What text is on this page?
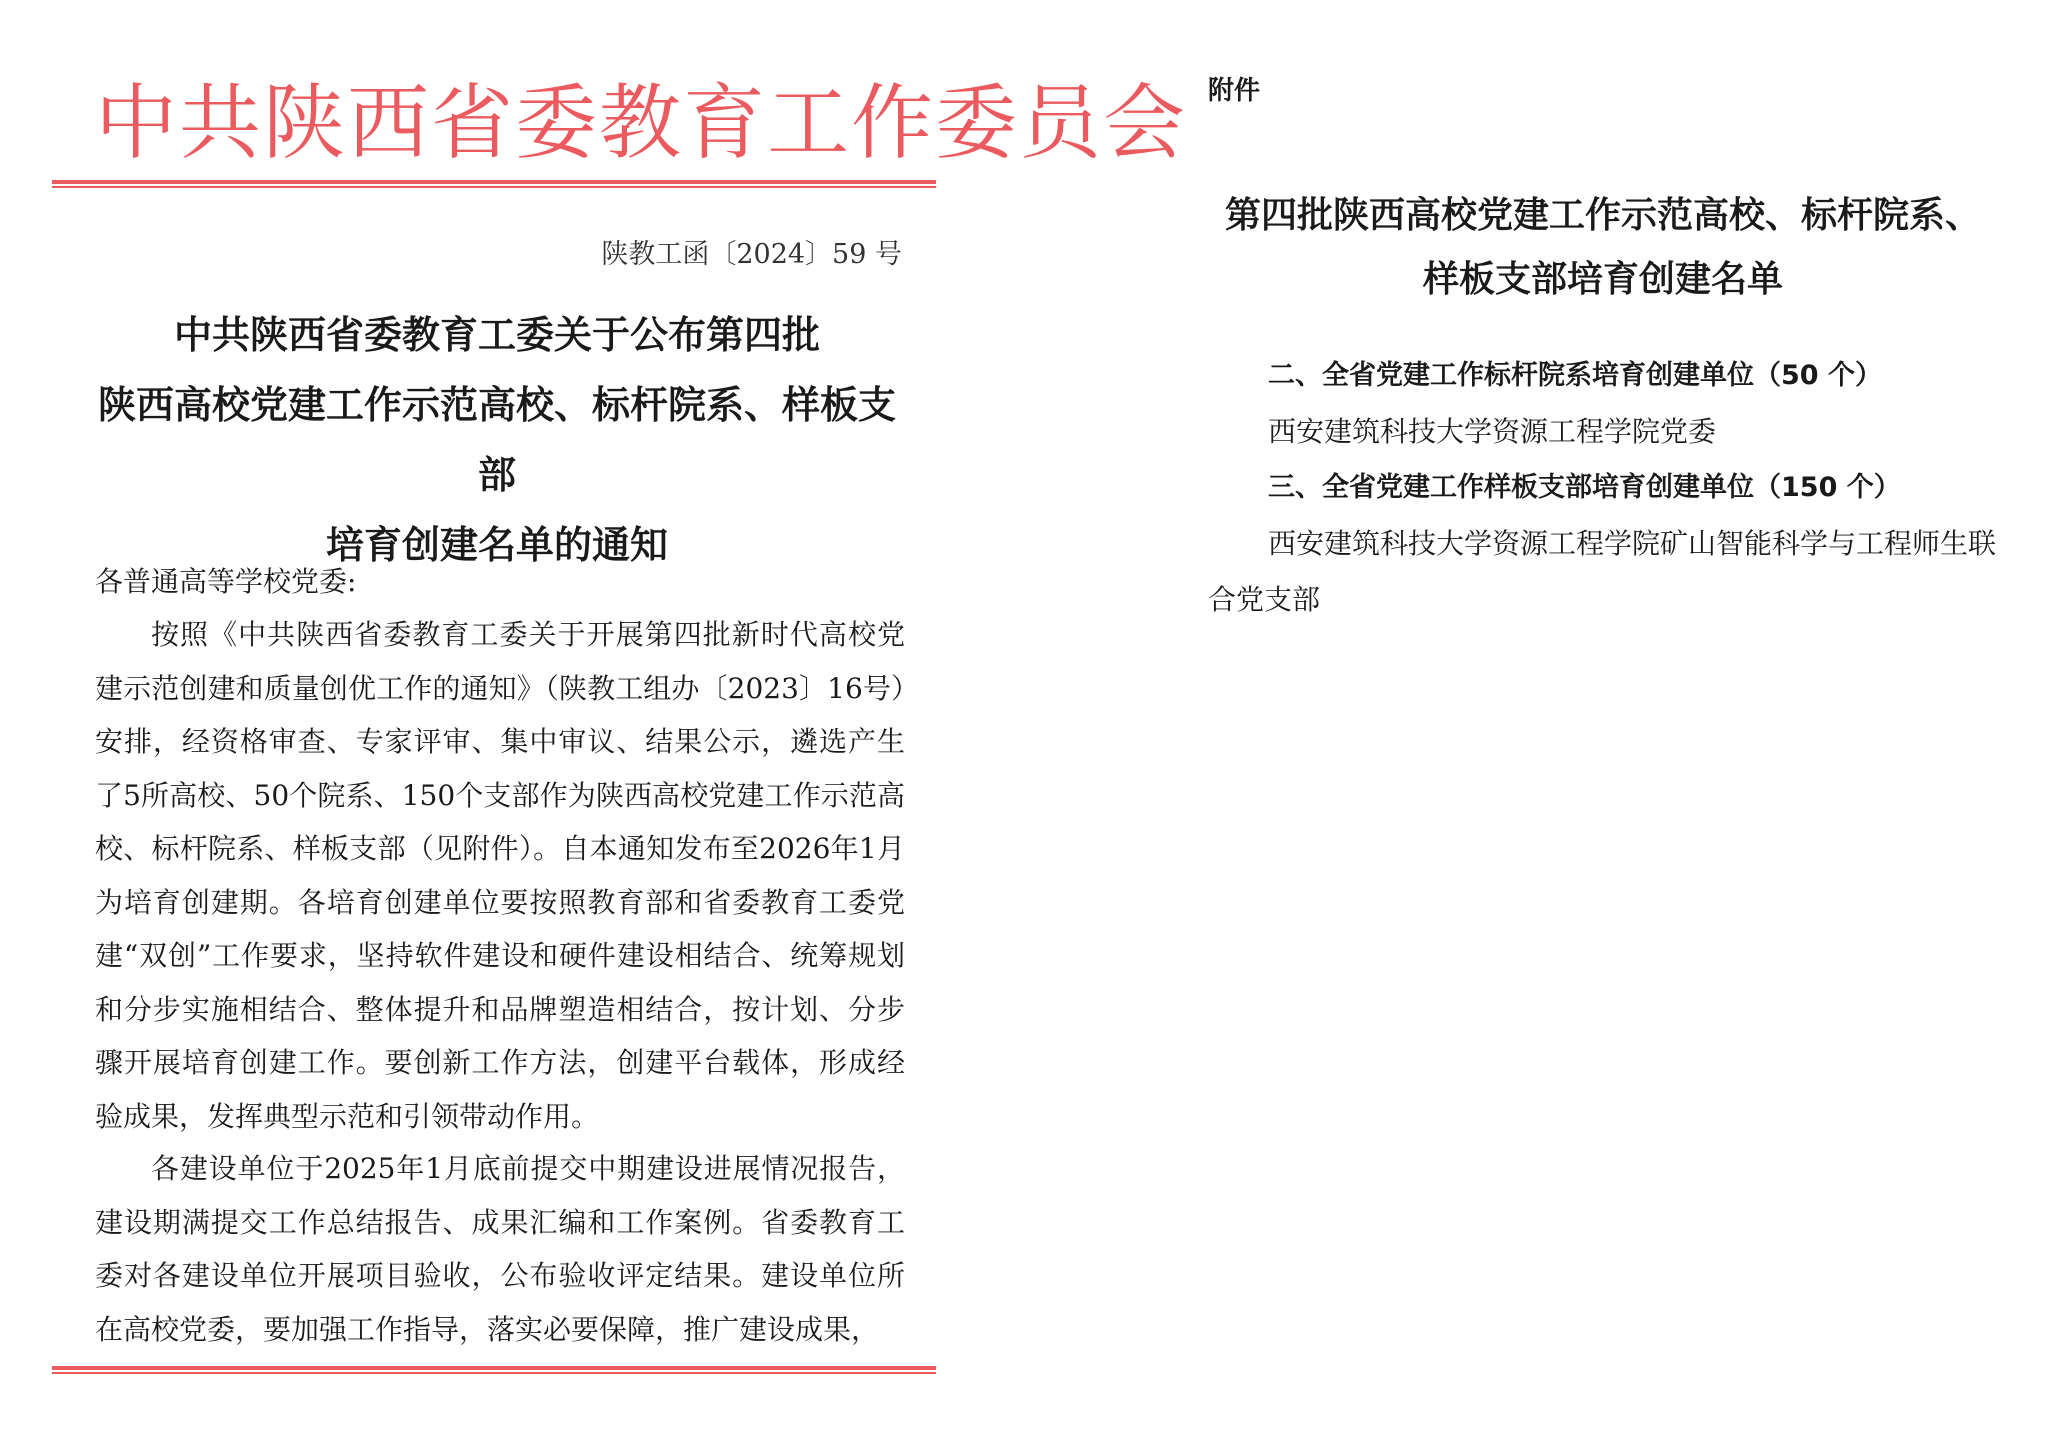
中共陕西省委教育工作委员会
陕教工函〔2024〕59 号
中共陕西省委教育工委关于公布第四批
陕西高校党建工作示范高校、标杆院系、样板支部
培育创建名单的通知
各普通高等学校党委:

按照《中共陕西省委教育工委关于开展第四批新时代高校党建示范创建和质量创优工作的通知》（陕教工组办〔2023〕16号）安排，经资格审查、专家评审、集中审议、结果公示，遴选产生了5所高校、50个院系、150个支部作为陕西高校党建工作示范高校、标杆院系、样板支部（见附件）。自本通知发布至2026年1月为培育创建期。各培育创建单位要按照教育部和省委教育工委党建“双创”工作要求，坚持软件建设和硬件建设相结合、统筹规划和分步实施相结合、整体提升和品牌塑造相结合，按计划、分步骤开展培育创建工作。要创新工作方法，创建平台载体，形成经验成果，发挥典型示范和引领带动作用。

各建设单位于2025年1月底前提交中期建设进展情况报告，建设期满提交工作总结报告、成果汇编和工作案例。省委教育工委对各建设单位开展项目验收，公布验收评定结果。建设单位所在高校党委，要加强工作指导，落实必要保障，推广建设成果，

附件
第四批陕西高校党建工作示范高校、标杆院系、
样板支部培育创建名单

二、全省党建工作标杆院系培育创建单位（50 个）

西安建筑科技大学资源工程学院党委

三、全省党建工作样板支部培育创建单位（150 个）

西安建筑科技大学资源工程学院矿山智能科学与工程师生联合党支部
